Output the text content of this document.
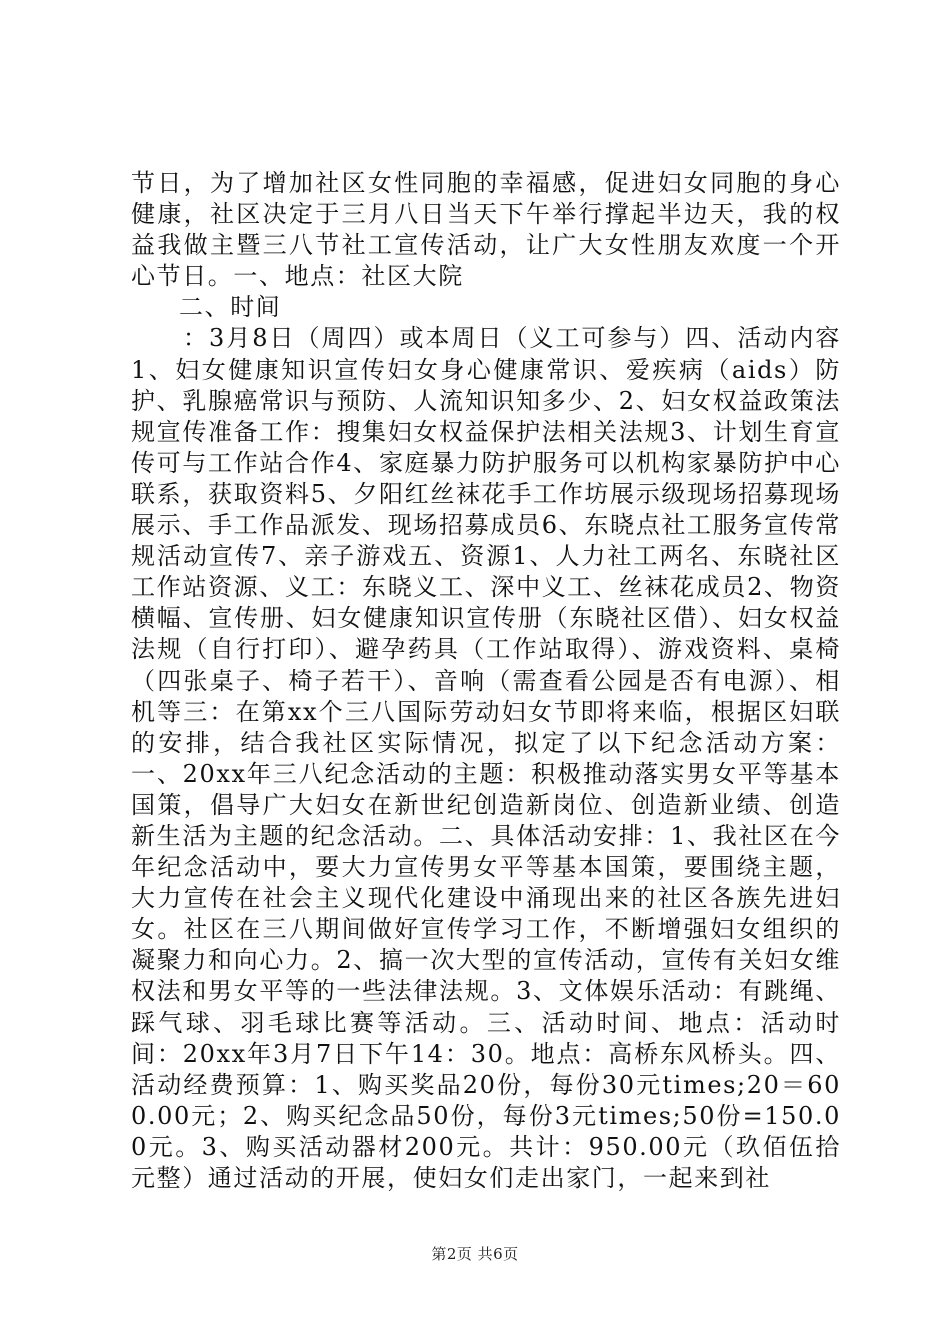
节日，为了增加社区女性同胞的幸福感，促进妇女同胞的身心健康，社区决定于三月八日当天下午举行撑起半边天，我的权益我做主暨三八节社工宣传活动，让广大女性朋友欢度一个开心节日。一、地点：社区大院

二、时间

：3月8日（周四）或本周日（义工可参与）四、活动内容1、妇女健康知识宣传妇女身心健康常识、爱疾病（aids）防护、乳腺癌常识与预防、人流知识知多少、2、妇女权益政策法规宣传准备工作：搜集妇女权益保护法相关法规3、计划生育宣传可与工作站合作4、家庭暴力防护服务可以机构家暴防护中心联系，获取资料5、夕阳红丝袜花手工作坊展示级现场招募现场展示、手工作品派发、现场招募成员6、东晓点社工服务宣传常规活动宣传7、亲子游戏五、资源1、人力社工两名、东晓社区工作站资源、义工：东晓义工、深中义工、丝袜花成员2、物资横幅、宣传册、妇女健康知识宣传册（东晓社区借）、妇女权益法规（自行打印）、避孕药具（工作站取得）、游戏资料、桌椅（四张桌子、椅子若干）、音响（需查看公园是否有电源）、相机等三：在第xx个三八国际劳动妇女节即将来临，根据区妇联的安排，结合我社区实际情况，拟定了以下纪念活动方案：一、20xx年三八纪念活动的主题：积极推动落实男女平等基本国策，倡导广大妇女在新世纪创造新岗位、创造新业绩、创造新生活为主题的纪念活动。二、具体活动安排：1、我社区在今年纪念活动中，要大力宣传男女平等基本国策，要围绕主题，大力宣传在社会主义现代化建设中涌现出来的社区各族先进妇女。社区在三八期间做好宣传学习工作，不断增强妇女组织的凝聚力和向心力。2、搞一次大型的宣传活动，宣传有关妇女维权法和男女平等的一些法律法规。3、文体娱乐活动：有跳绳、踩气球、羽毛球比赛等活动。三、活动时间、地点：活动时间：20xx年3月7日下午14：30。地点：高桥东风桥头。四、活动经费预算：1、购买奖品20份，每份30元times;20＝600.00元；2、购买纪念品50份，每份3元times;50份=150.00元。3、购买活动器材200元。共计：950.00元（玖佰伍拾元整）通过活动的开展，使妇女们走出家门，一起来到社

第2页 共6页
